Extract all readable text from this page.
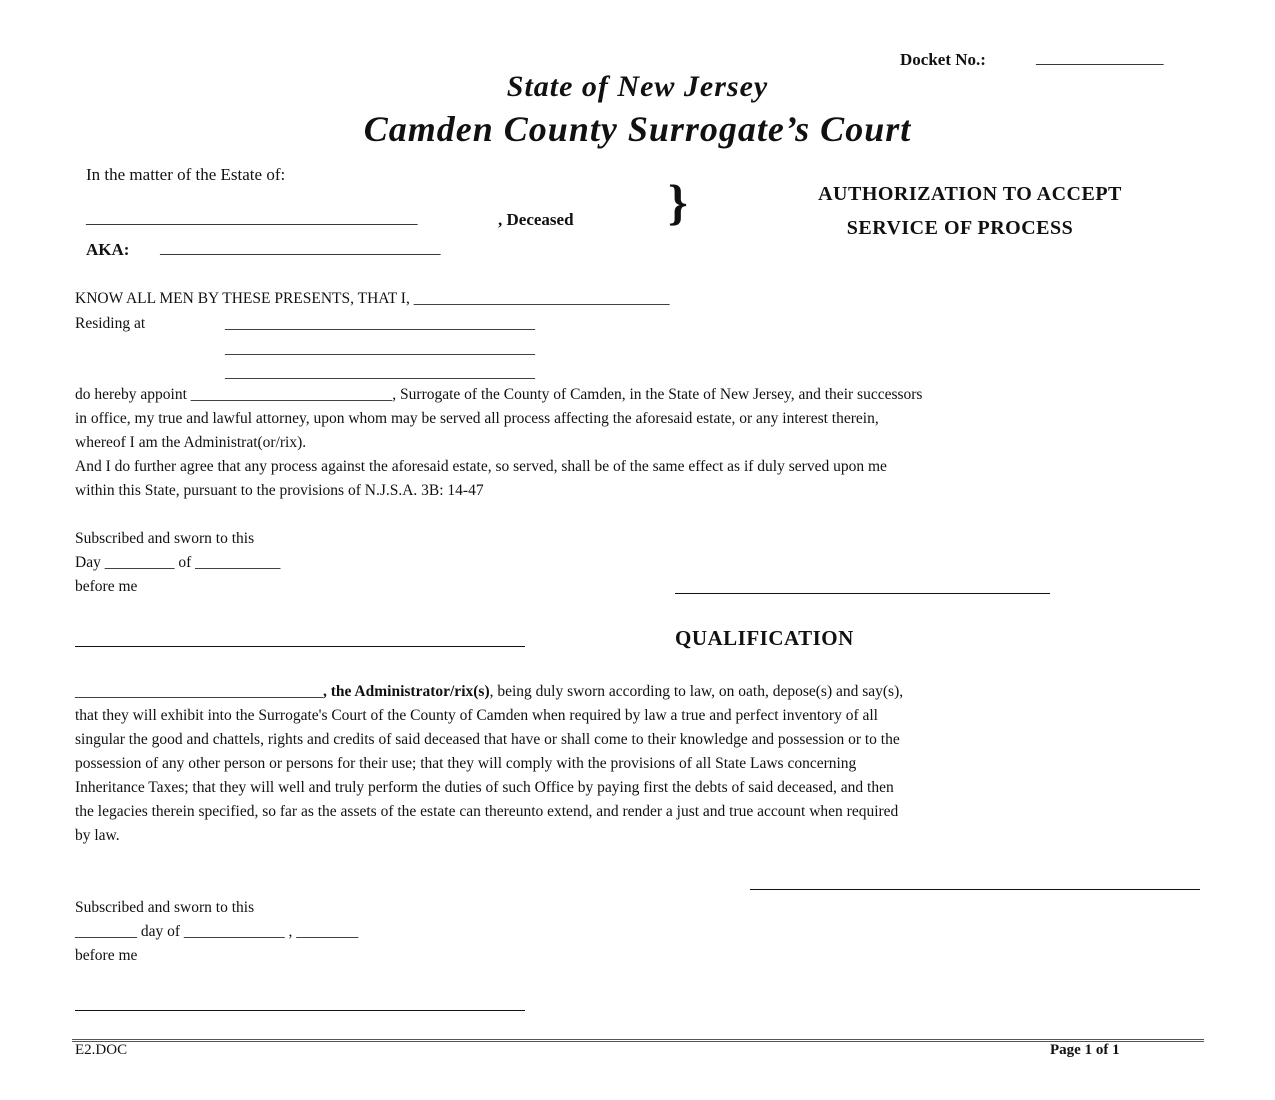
Docket No.:	_______________
State of New Jersey
Camden County Surrogate’s Court
In the matter of the Estate of:
_______________________________________	, Deceased
AKA: _________________________________
}	AUTHORIZATION TO ACCEPT
SERVICE OF PROCESS
KNOW ALL MEN BY THESE PRESENTS, THAT I, _________________________________
Residing at	________________________________________
________________________________________
________________________________________
do hereby appoint __________________________, Surrogate of the County of Camden, in the State of New Jersey, and their successors
in office, my true and lawful attorney, upon whom may be served all process affecting the aforesaid estate, or any interest therein,
whereof I am the Administrat(or/rix).
And I do further agree that any process against the aforesaid estate, so served, shall be of the same effect as if duly served upon me
within this State, pursuant to the provisions of N.J.S.A. 3B: 14-47
Subscribed and sworn to this
Day _________ of ___________
before me
QUALIFICATION
________________________________, the Administrator/rix(s), being duly sworn according to law, on oath, depose(s) and say(s),
that they will exhibit into the Surrogate's Court of the County of Camden when required by law a true and perfect inventory of all
singular the good and chattels, rights and credits of said deceased that have or shall come to their knowledge and possession or to the
possession of any other person or persons for their use; that they will comply with the provisions of all State Laws concerning
Inheritance Taxes; that they will well and truly perform the duties of such Office by paying first the debts of said deceased, and then
the legacies therein specified, so far as the assets of the estate can thereunto extend, and render a just and true account when required
by law.
Subscribed and sworn to this
________ day of _____________ , ________
before me
E2.DOC	Page 1 of 1
